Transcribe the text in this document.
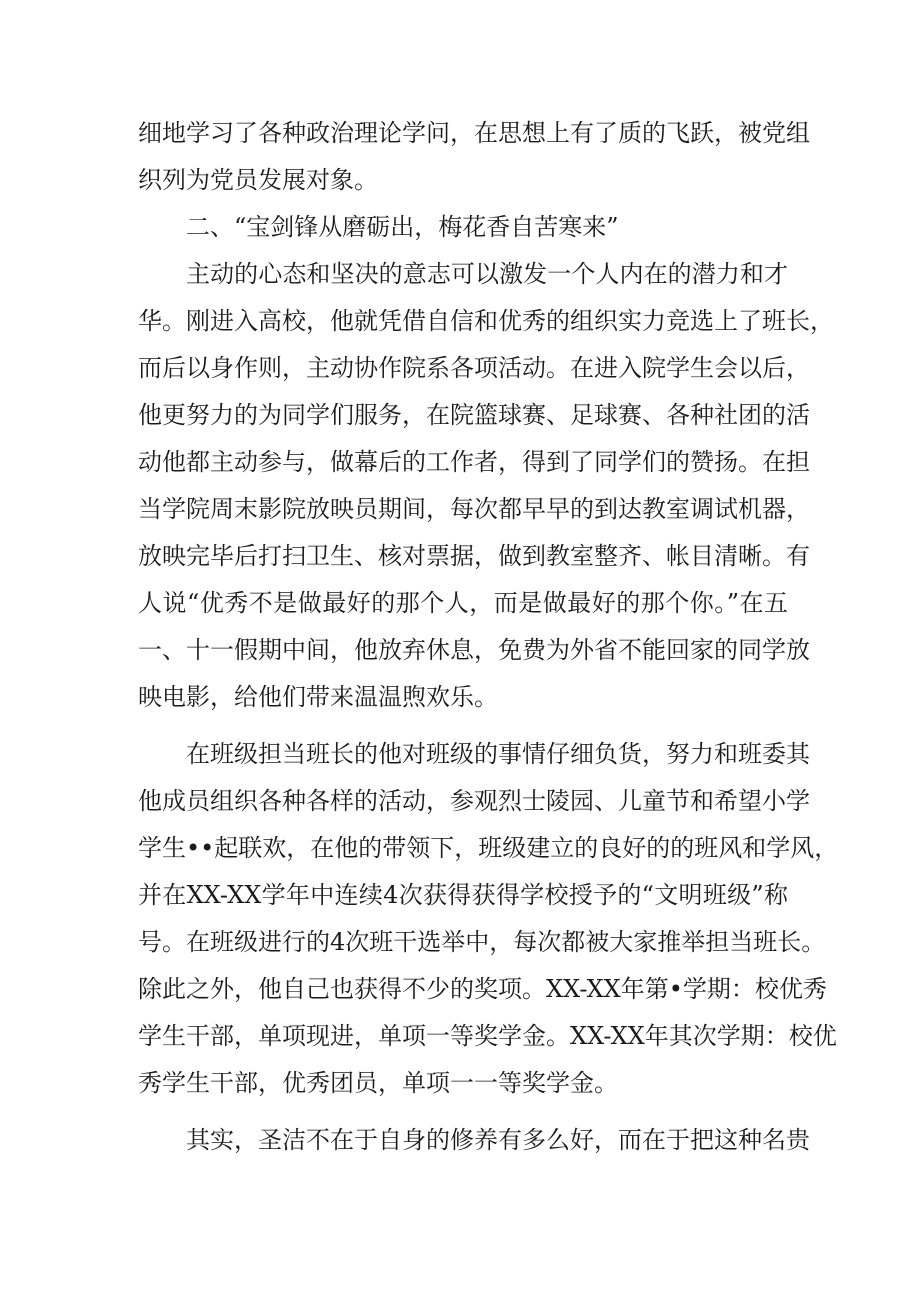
细地学习了各种政治理论学问，在思想上有了质的飞跃，被党组
织列为党员发展对象。
二、“宝剑锋从磨砺出，梅花香自苦寒来”
主动的心态和坚决的意志可以激发一个人内在的潜力和才
华。刚进入高校，他就凭借自信和优秀的组织实力竞选上了班长，
而后以身作则，主动协作院系各项活动。在进入院学生会以后，
他更努力的为同学们服务，在院篮球赛、足球赛、各种社团的活
动他都主动参与，做幕后的工作者，得到了同学们的赞扬。在担
当学院周末影院放映员期间，每次都早早的到达教室调试机器，
放映完毕后打扫卫生、核对票据，做到教室整齐、帐目清晰。有
人说“优秀不是做最好的那个人，而是做最好的那个你。”在五
一、十一假期中间，他放弃休息，免费为外省不能回家的同学放
映电影，给他们带来温温煦欢乐。
在班级担当班长的他对班级的事情仔细负货，努力和班委其
他成员组织各种各样的活动，参观烈士陵园、儿童节和希望小学
学生••起联欢，在他的带领下，班级建立的良好的的班风和学风，
并在XX-XX学年中连续4次获得获得学校授予的“文明班级”称
号。在班级进行的4次班干选举中，每次都被大家推举担当班长。
除此之外，他自己也获得不少的奖项。XX-XX年第•学期：校优秀
学生干部，单项现进，单项一等奖学金。XX-XX年其次学期：校优
秀学生干部，优秀团员，单项一一等奖学金。
其实，圣洁不在于自身的修养有多么好，而在于把这种名贵
